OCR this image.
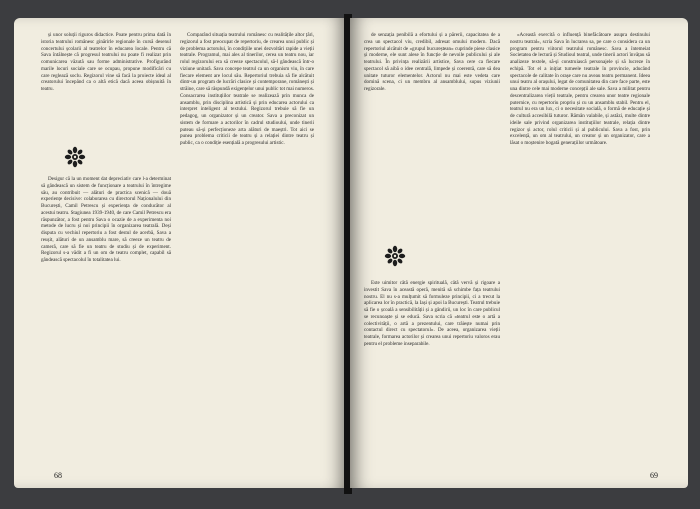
și unor soluții riguros didactice. Poate pentru prima dată în istoria teatrului românesc ginărirle regionale în cursă desenul concertului școlarii al teatrelor în educarea locale. Pentru că Sava întâlnește că progresul teatrului nu poate fi realizat prin comunicarea văzută sau forme administrative. Profigurând marile locuri sociale care se ocupau, propune modificări cu care reglează soclu. Regizorul vine să facă la proiecte ideal al creatorului începând ca o altă etică dacă aceea obișnuită în teatru.

Desigur că la un moment dat depreciativ care l-a determinat să gândească un sistem de funcționare a teatrului în întregime său, au contribuit — alături de practica scenică — două experiențe decisive: colaborarea cu directorul Naționalului din București, Camil Petrescu și experiența de conducător al acestui teatru. Stagiunea 1939-1940, de care Camil Petrescu era răspunzător, a fost pentru Sava o ocazie de a experimenta noi metode de lucru și noi principii în organizarea teatrală. Deși disputa cu vechiul repertoriu a fost destul de acerbă, Sava a reușit, alături de un ansamblu mare, să creeze un teatru de cameră, care să fie un teatru de studiu și de experiment. Regizorul s-a vădit a fi un om de teatru complet, capabil să gândească spectacolul în totalitatea lui.

Comparând situația teatrului românesc cu realitățile altor țări, regizorul a fost preocupat de repertoriu, de crearea unui public și de problema actorului, în condițiile unei dezvoltări rapide a vieții teatrale. Programul, mai ales al tinerilor, cerea un teatru nou, iar rolul regizorului era să creeze spectacolul, să-l gândească într-o viziune unitară. Sava concepe teatrul ca un organism viu, în care fiecare element are locul său. Repertoriul trebuia să fie alcătuit dintr-un program de lucrări clasice și contemporane, românești și străine, care să răspundă exigențelor unui public tot mai numeros. Consacrarea instituțiilor teatrale se realizează prin munca de ansamblu, prin disciplina artistică și prin educarea actorului ca interpret inteligent al textului. Regizorul trebuie să fie un pedagog, un organizator și un creator. Sava a preconizat un sistem de formare a actorilor în cadrul studioului, unde tinerii puteau să-și perfecționeze arta alături de maeștri. Tot aici se punea problema criticii de teatru și a relației dintre teatru și public, ca o condiție esențială a progresului artistic.

68

de senzația penibilă a efortului și a părerii, capacitatea de a crea un spectacol viu, credibil, adresat omului modern. Dacă repertoriul alcătuit de «grupul bucureștean» cuprinde piese clasice și moderne, ele sunt alese în funcție de nevoile publicului și ale teatrului. În privința realizării artistice, Sava cere ca fiecare spectacol să aibă o idee centrală, limpede și coerentă, care să dea unitate tuturor elementelor. Actorul nu mai este vedeta care domină scena, ci un membru al ansamblului, supus viziunii regizorale.

Este uimitor câtă energie spirituală, câtă vervă și rigoare a investit Sava în această operă, menită să schimbe fața teatrului nostru. El nu s-a mulțumit să formuleze principii, ci a trecut la aplicarea lor în practică, la Iași și apoi la București. Teatrul trebuie să fie o școală a sensibilității și a gândirii, un loc în care publicul se recunoaște și se educă. Sava scria că «teatrul este o artă a colectivității, o artă a prezentului, care trăiește numai prin contactul direct cu spectatorul». De aceea, organizarea vieții teatrale, formarea actorilor și crearea unui repertoriu valoros erau pentru el probleme inseparabile.

«Această exercită o influență binefăcătoare asupra destinului nostru teatral», scria Sava în lucrarea sa, pe care o considera ca un program pentru viitorul teatrului românesc. Sava a întemeiat Societatea de lectură și Studioul teatral, unde tinerii actori învățau să analizeze textele, să-și construiască personajele și să lucreze în echipă. Tot el a inițiat turneele teatrale în provincie, aducând spectacole de calitate în orașe care nu aveau teatru permanent. Ideea unui teatru al orașului, legat de comunitatea din care face parte, este una dintre cele mai moderne concepții ale sale. Sava a militat pentru descentralizarea vieții teatrale, pentru crearea unor teatre regionale puternice, cu repertoriu propriu și cu un ansamblu stabil. Pentru el, teatrul nu era un lux, ci o necesitate socială, o formă de educație și de cultură accesibilă tuturor. Rămân valabile, și astăzi, multe dintre ideile sale privind organizarea instituțiilor teatrale, relația dintre regizor și actor, rolul criticii și al publicului. Sava a fost, prin excelență, un om al teatrului, un creator și un organizator, care a lăsat o moștenire bogată generațiilor următoare.

69
